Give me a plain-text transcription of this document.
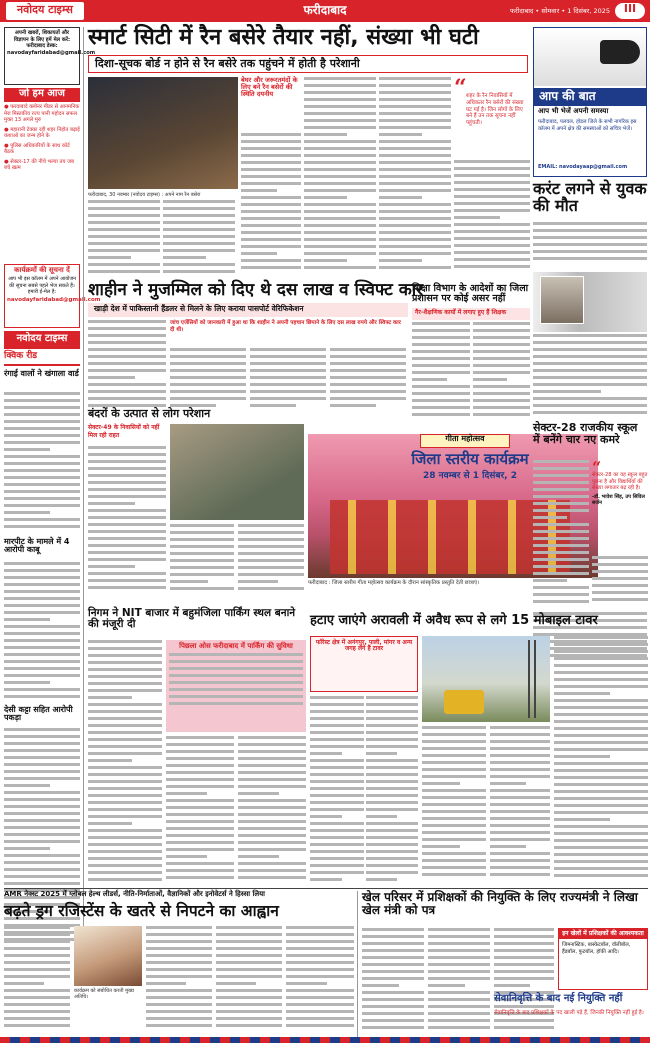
नवोदय टाइम्स	फरीदाबाद	फरीदाबाद • सोमवार • 1 दिसंबर, 2025	III
अपनी खबरों, शिकायतों और विज्ञापन के लिए हमें मेल करें: फरीदाबाद डेस्क: navodayfaridabad@gmail.com
जो हम आज
● फरवाबादे क्लोनर मीडर से आनमनिक मेरा मिस्तकीय रज्य पानी महोदन सफल मुक्त 13 अगले मुरु
● महारानी टेक्का रही शहर निहोत बढ़ाई कशाओ का जन्म होने के
● पुलिस अधिकारियों के साथ कोर्ट बैठक
● सेक्टर-17 की नीचे भल्या तय जब बचे खत्म
कार्यक्रमों की सूचना दें
आप भी इस कॉलम में अपने आयोजन की सूचना सबसे पहले भेज सकते हैं। हमारी ई-मेल है:
navodayfaridabad@gmail.com
नवोदय टाइम्स
क्विक रीड
रंगाई वालों ने खंगाला वार्ड
मारपीट के मामले में 4 आरोपी काबू
देसी कट्टा सहित आरोपी पकड़ा
स्मार्ट सिटी में रैन बसेरे तैयार नहीं, संख्या भी घटी
दिशा-सूचक बोर्ड न होने से रैन बसेरे तक पहुंचने में होती है परेशानी
बेघर और जरूरतमंदों के लिए बने रैन बसेरों की स्थिति दयनीय
फरीदाबाद, 30 नवम्बर (नवोदय टाइम्स) : अपने नाम रैन बसेरा
“ शहर के रैन निवासियों में अधिकतर रैन बसेरों की संख्या घट गई है। जिन लोगों के लिए बने हैं उन तक सूचना नहीं पहुंचती।
आप की बात
आप भी भेजें अपनी समस्या
फरीदाबाद, पलवल, होडल जिले के सभी नागरिक इस कॉलम में अपने क्षेत्र की समस्याओं को सचित्र भेजें।
EMAIL: navodayaap@gmail.com
करंट लगने से युवक की मौत
शाहीन ने मुजम्मिल को दिए थे दस लाख व स्विफ्ट कार
खाड़ी देश में पाकिस्तानी हैंडलर से मिलने के लिए कराया पासपोर्ट वेरिफिकेशन
जांच एजेंसियों को जानकारी में हुआ था कि शाहीन ने अपनी पहचान छिपाने के लिए दस लाख रुपये और स्विफ्ट कार दी थी।
शिक्षा विभाग के आदेशों का जिला प्रशासन पर कोई असर नहीं
गैर-शैक्षणिक कार्यों में लगाए हुए हैं शिक्षक
बंदरों के उत्पात से लोग परेशान
सेक्टर-49 के निवासियों को नहीं मिल रही राहत	गीता महोत्सव
जिला स्तरीय कार्यक्रम
28 नवम्बर से 1 दिसंबर, 2
फरीदाबाद : जिला स्तरीय गीता महोत्सव कार्यक्रम के दौरान सांस्कृतिक प्रस्तुति देती छात्राएं।
सेक्टर-28 राजकीय स्कूल में बनेंगे चार नए कमरे
“
सेक्टर-28 का यह स्कूल बहुत पुराना है और विद्यार्थियों की संख्या लगातार बढ़ रही है।
-डॉ. भावेश सिंह, उप सिविल सर्जन
निगम ने NIT बाजार में बहुमंजिला पार्किंग स्थल बनाने की मंजूरी दी
पिछला ओस फरीदाबाद में पार्किंग की सुविधा
हटाए जाएंगे अरावली में अवैध रूप से लगे 15 मोबाइल टावर
फॉरेस्ट क्षेत्र में अनंगपुर, पाली, मांगर व अन्य जगह लगे हैं टावर
AMR नेक्स्ट 2025 में ग्लोबल हेल्थ लीडर्स, नीति-निर्माताओं, वैज्ञानिकों और इनोवेटर्स ने हिस्सा लिया
बढ़ते ड्रग रजिस्टेंस के खतरे से निपटने का आह्वान
कार्यक्रम को संबोधित करती मुख्य अतिथि।
खेल परिसर में प्रशिक्षकों की नियुक्ति के लिए राज्यमंत्री ने लिखा खेल मंत्री को पत्र
इन खेलों में प्रशिक्षकों की आवश्यकता
जिमनास्टिक, बास्केटबॉल, वॉलीबॉल, हैंडबॉल, फुटबॉल, हॉकी आदि।
सेवानिवृत्ति के बाद नई नियुक्ति नहीं
सेवानिवृत्ति के बाद प्रशिक्षकों के पद खाली पड़े हैं, जिनकी नियुक्ति नहीं हुई है।
